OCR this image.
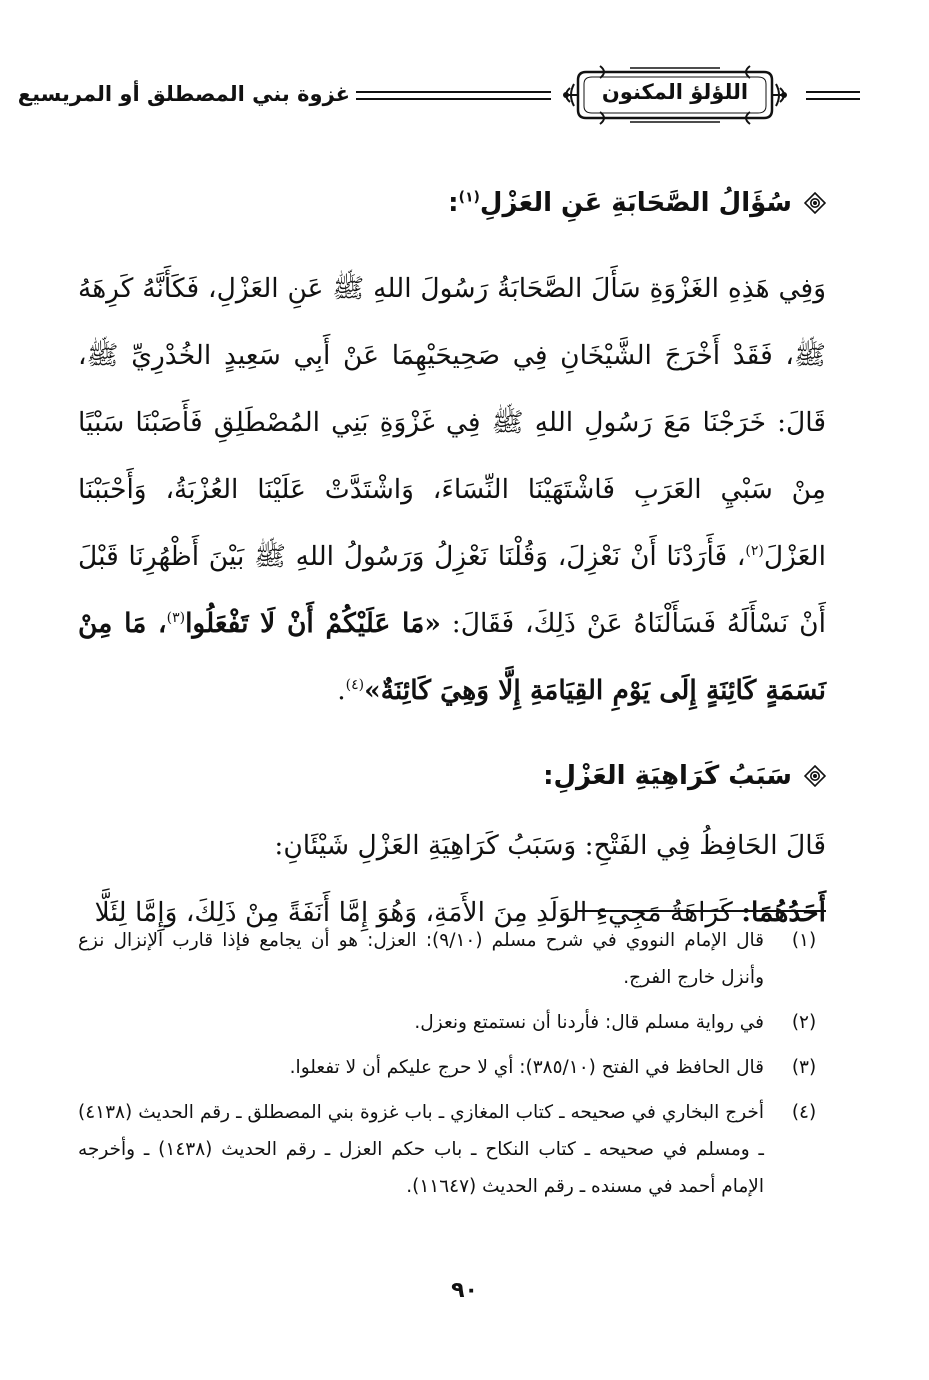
اللؤلؤ المكنون
غزوة بني المصطلق أو المريسيع
سُؤَالُ الصَّحَابَةِ عَنِ العَزْلِ$^{(١)}$:

وَفِي هَذِهِ الغَزْوَةِ سَأَلَ الصَّحَابَةُ رَسُولَ اللهِ ﷺ عَنِ العَزْلِ، فَكَأَنَّهُ كَرِهَهُ ﷺ، فَقَدْ أَخْرَجَ الشَّيْخَانِ فِي صَحِيحَيْهِمَا عَنْ أَبِي سَعِيدٍ الخُدْرِيِّ ﷺ، قَالَ: خَرَجْنَا مَعَ رَسُولِ اللهِ ﷺ فِي غَزْوَةِ بَنِي المُصْطَلِقِ فَأَصَبْنَا سَبْيًا مِنْ سَبْيِ العَرَبِ فَاشْتَهَيْنَا النِّسَاءَ، وَاشْتَدَّتْ عَلَيْنَا العُزْبَةُ، وَأَحْبَبْنَا العَزْلَ$^{(٢)}$، فَأَرَدْنَا أَنْ نَعْزِلَ، وَقُلْنَا نَعْزِلُ وَرَسُولُ اللهِ ﷺ بَيْنَ أَظْهُرِنَا قَبْلَ أَنْ نَسْأَلَهُ فَسَأَلْنَاهُ عَنْ ذَلِكَ، فَقَالَ: «مَا عَلَيْكُمْ أَنْ لَا تَفْعَلُوا$^{(٣)}$، مَا مِنْ نَسَمَةٍ كَائِنَةٍ إِلَى يَوْمِ القِيَامَةِ إِلَّا وَهِيَ كَائِنَةٌ»$^{(٤)}$.

سَبَبُ كَرَاهِيَةِ العَزْلِ:

قَالَ الحَافِظُ فِي الفَتْحِ: وَسَبَبُ كَرَاهِيَةِ العَزْلِ شَيْئَانِ:

أَحَدُهُمَا: كَرَاهَةُ مَجِيءِ الوَلَدِ مِنَ الأَمَةِ، وَهُوَ إِمَّا أَنَفَةً مِنْ ذَلِكَ، وَإِمَّا لِئَلَّا

(١)
قال الإمام النووي في شرح مسلم (٩/١٠): العزل: هو أن يجامع فإذا قارب الإنزال نزع وأنزل خارج الفرج.
(٢)
في رواية مسلم قال: فأردنا أن نستمتع ونعزل.
(٣)
قال الحافظ في الفتح (٣٨٥/١٠): أي لا حرج عليكم أن لا تفعلوا.
(٤)
أخرج البخاري في صحيحه ـ كتاب المغازي ـ باب غزوة بني المصطلق ـ رقم الحديث (٤١٣٨) ـ ومسلم في صحيحه ـ كتاب النكاح ـ باب حكم العزل ـ رقم الحديث (١٤٣٨) ـ وأخرجه الإمام أحمد في مسنده ـ رقم الحديث (١١٦٤٧).
٩٠
